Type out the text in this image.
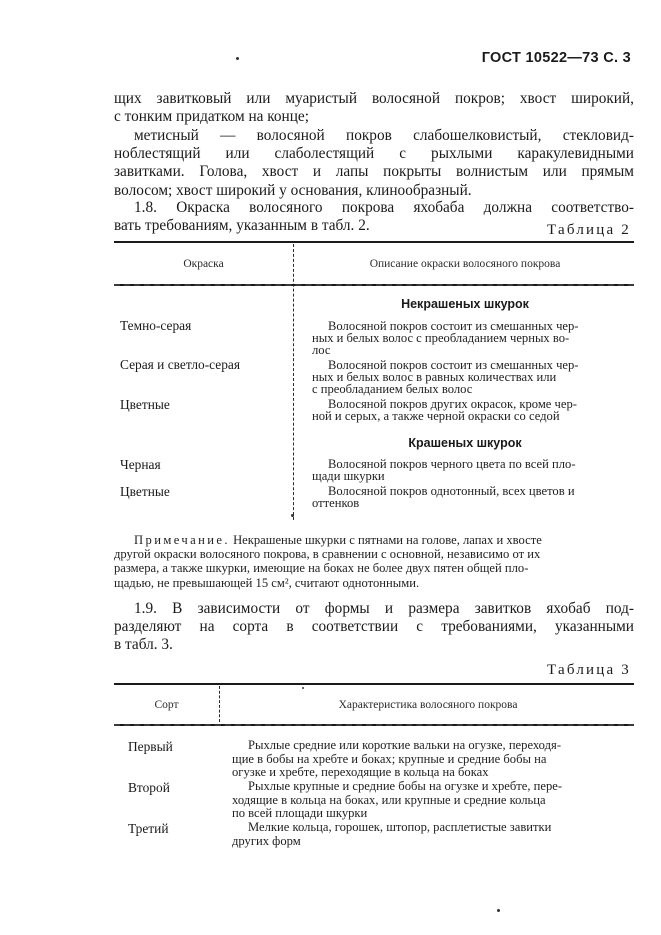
ГОСТ 10522—73 С. 3
щих завитковый или муаристый волосяной покров; хвост широкий,
с тонким придатком на конце;
метисный — волосяной покров слабошелковистый, стекловид-
ноблестящий или слаболестящий с рыхлыми каракулевидными
завитками. Голова, хвост и лапы покрыты волнистым или прямым
волосом; хвост широкий у основания, клинообразный.
1.8. Окраска волосяного покрова яхобаба должна соответство-
вать требованиям, указанным в табл. 2.	Таблица 2
Окраска	Описание окраски волосяного покрова
Некрашеных шкурок
Темно-серая	Волосяной покров состоит из смешанных чер-
ных и белых волос с преобладанием черных во-
лос
Серая и светло-серая	Волосяной покров состоит из смешанных чер-
ных и белых волос в равных количествах или
с преобладанием белых волос
Цветные	Волосяной покров других окрасок, кроме чер-
ной и серых, а также черной окраски со седой
Крашеных шкурок
Черная	Волосяной покров черного цвета по всей пло-
щади шкурки
Цветные	Волосяной покров однотонный, всех цветов и
оттенков
Примечание. Некрашеные шкурки с пятнами на голове, лапах и хвосте
другой окраски волосяного покрова, в сравнении с основной, независимо от их
размера, а также шкурки, имеющие на боках не более двух пятен общей пло-
щадью, не превышающей 15 см², считают однотонными.
1.9. В зависимости от формы и размера завитков яхобаб под-
разделяют на сорта в соответствии с требованиями, указанными
в табл. 3.
Таблица 3
Сорт	Характеристика волосяного покрова
Первый	Рыхлые средние или короткие вальки на огузке, переходя-
щие в бобы на хребте и боках; крупные и средние бобы на
огузке и хребте, переходящие в кольца на боках
Второй	Рыхлые крупные и средние бобы на огузке и хребте, пере-
ходящие в кольца на боках, или крупные и средние кольца
по всей площади шкурки
Третий	Мелкие кольца, горошек, штопор, расплетистые завитки
других форм
